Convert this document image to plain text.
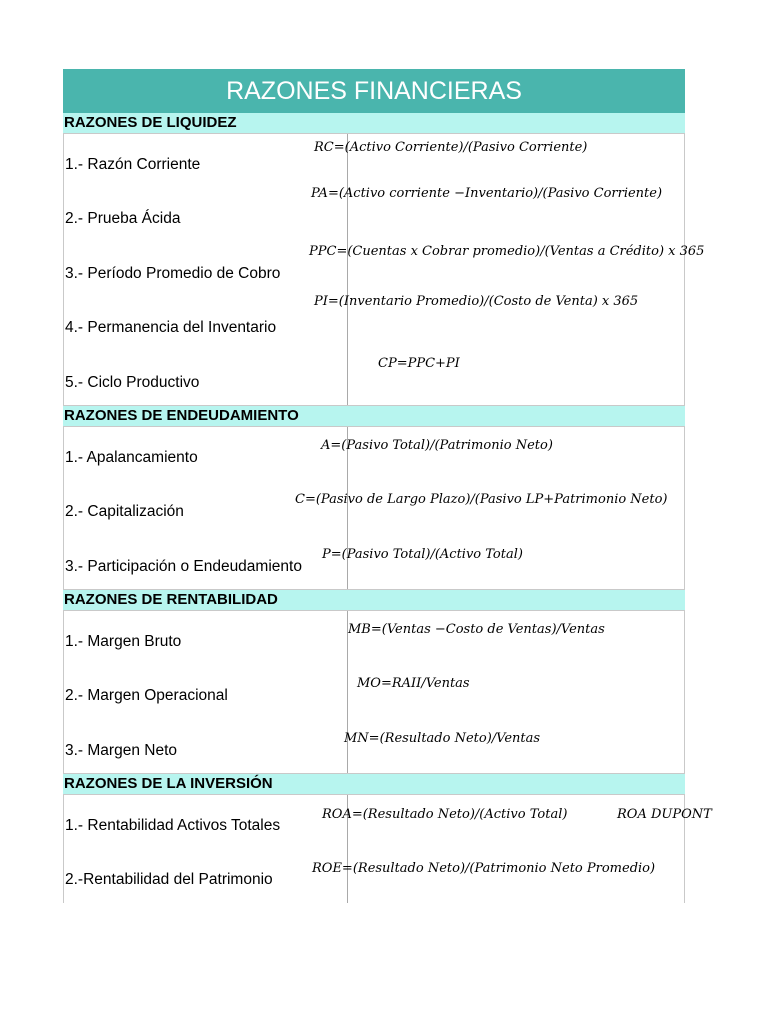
RAZONES FINANCIERAS
RAZONES DE LIQUIDEZ
1.- Razón Corriente
RC=(Activo Corriente)/(Pasivo Corriente)
2.- Prueba Ácida
PA=(Activo corriente −Inventario)/(Pasivo Corriente)
3.- Período Promedio de Cobro
PPC=(Cuentas x Cobrar promedio)/(Ventas a Crédito) x 365
4.- Permanencia del Inventario
PI=(Inventario Promedio)/(Costo de Venta) x 365
5.- Ciclo Productivo
CP=PPC+PI
RAZONES DE ENDEUDAMIENTO
1.- Apalancamiento
A=(Pasivo Total)/(Patrimonio Neto)
2.- Capitalización
C=(Pasivo de Largo Plazo)/(Pasivo LP+Patrimonio Neto)
3.- Participación o Endeudamiento
P=(Pasivo Total)/(Activo Total)
RAZONES DE RENTABILIDAD
1.- Margen Bruto
MB=(Ventas −Costo de Ventas)/Ventas
2.- Margen Operacional
MO=RAII/Ventas
3.- Margen Neto
MN=(Resultado Neto)/Ventas
RAZONES DE LA INVERSIÓN
1.- Rentabilidad Activos Totales
ROA=(Resultado Neto)/(Activo Total)	ROA DUPONT
2.-Rentabilidad del Patrimonio
ROE=(Resultado Neto)/(Patrimonio Neto Promedio)
